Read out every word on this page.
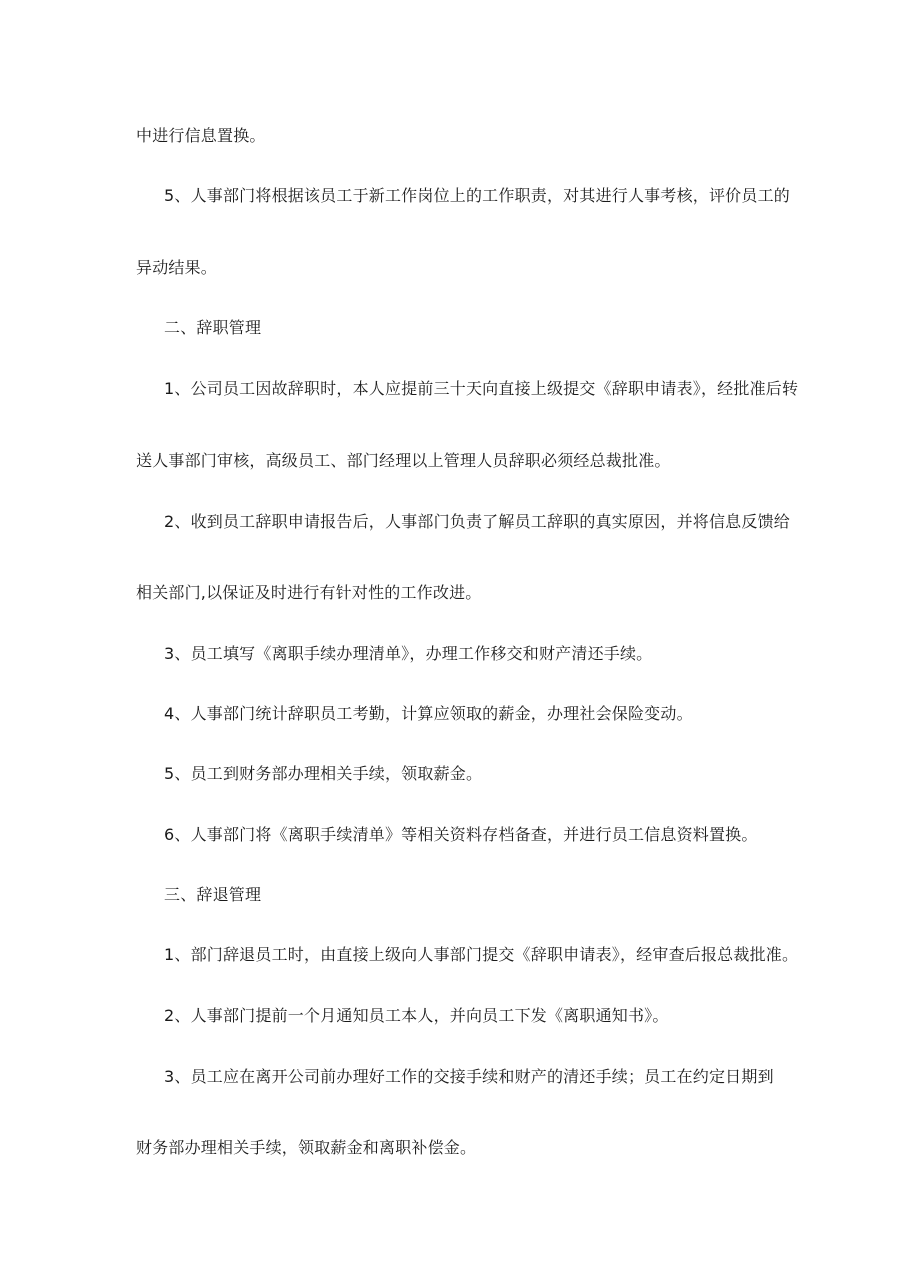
中进行信息置换。
5、人事部门将根据该员工于新工作岗位上的工作职责，对其进行人事考核，评价员工的
异动结果。
二、辞职管理
1、公司员工因故辞职时，本人应提前三十天向直接上级提交《辞职申请表》，经批准后转
送人事部门审核，高级员工、部门经理以上管理人员辞职必须经总裁批准。
2、收到员工辞职申请报告后，人事部门负责了解员工辞职的真实原因，并将信息反馈给
相关部门,以保证及时进行有针对性的工作改进。
3、员工填写《离职手续办理清单》，办理工作移交和财产清还手续。
4、人事部门统计辞职员工考勤，计算应领取的薪金，办理社会保险变动。
5、员工到财务部办理相关手续，领取薪金。
6、人事部门将《离职手续清单》等相关资料存档备查，并进行员工信息资料置换。
三、辞退管理
1、部门辞退员工时，由直接上级向人事部门提交《辞职申请表》，经审查后报总裁批准。
2、人事部门提前一个月通知员工本人，并向员工下发《离职通知书》。
3、员工应在离开公司前办理好工作的交接手续和财产的清还手续；员工在约定日期到
财务部办理相关手续，领取薪金和离职补偿金。
